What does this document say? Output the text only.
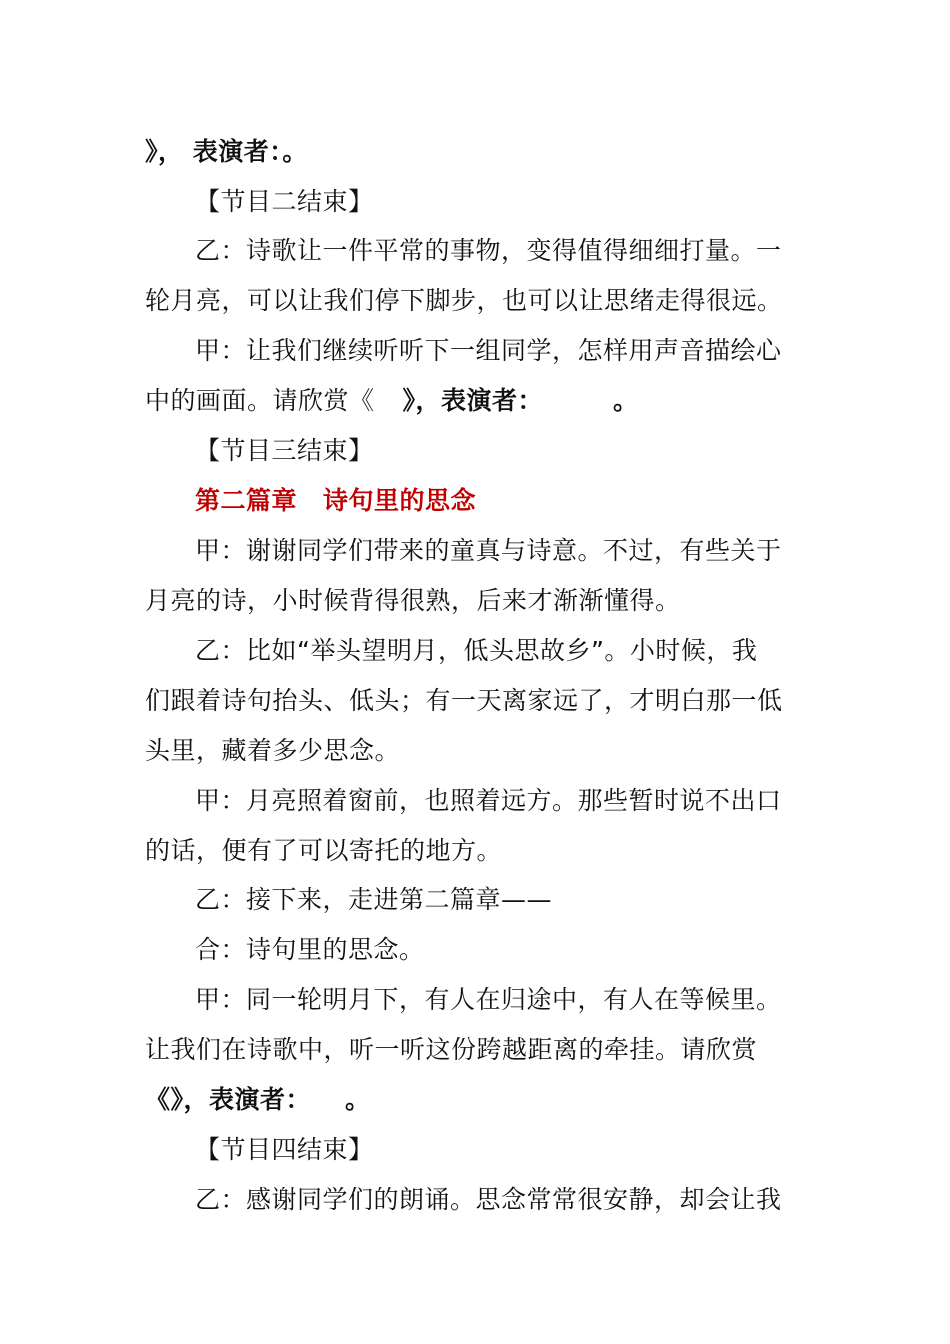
》， 表演者：。
【节目二结束】
乙：诗歌让一件平常的事物，变得值得细细打量。一
轮月亮，可以让我们停下脚步，也可以让思绪走得很远。
甲：让我们继续听听下一组同学，怎样用声音描绘心
中的画面。请欣赏《 》，表演者：	。
【节目三结束】
第二篇章 诗句里的思念
甲：谢谢同学们带来的童真与诗意。不过，有些关于
月亮的诗，小时候背得很熟，后来才渐渐懂得。
乙：比如“举头望明月，低头思故乡”。小时候，我
们跟着诗句抬头、低头；有一天离家远了，才明白那一低
头里，藏着多少思念。
甲：月亮照着窗前，也照着远方。那些暂时说不出口
的话，便有了可以寄托的地方。
乙：接下来，走进第二篇章——
合：诗句里的思念。
甲：同一轮明月下，有人在归途中，有人在等候里。
让我们在诗歌中，听一听这份跨越距离的牵挂。请欣赏
《》，表演者： 。
【节目四结束】
乙：感谢同学们的朗诵。思念常常很安静，却会让我
